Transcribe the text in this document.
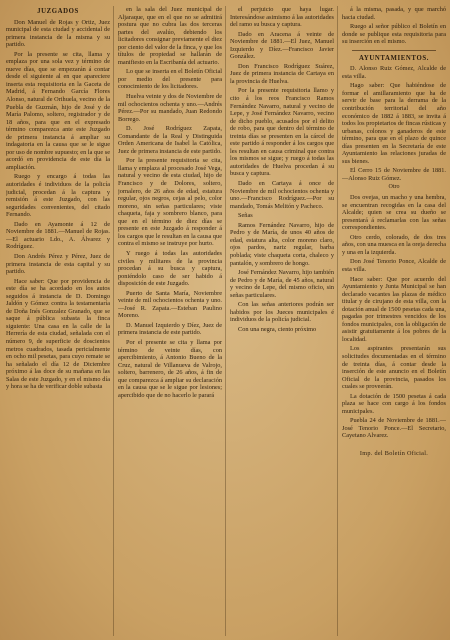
JUZGADOS
Don Manuel de Rojas y Ortiz, Juez municipal de esta ciudad y accidental de primera instancia de la misma y su partido.
Por la presente se cita, llama y emplaza por una sola vez y término de nueve días, que se empezarán á contar desde el siguiente al en que apareciere inserta esta requisitoria en la Gaceta de Madrid, á Fernando García Flores Alonso, natural de Orihuela, vecino de la Puebla de Guzmán, hijo de José y de María Palomo, soltero, registrador y de 18 años, para que en el expresado término comparezca ante este Juzgado de primera instancia á ampliar su indagatoria en la causa que se le sigue por uso de nombre supuesto; en la que se acordó en providencia de este día la ampliación.
Ruego y encargo á todas las autoridades é individuos de la policía judicial, procedan á la captura y remisión á este Juzgado, con las seguridades convenientes, del citado Fernando.
Dado en Ayamonte á 12 de Noviembre de 1881.—Manuel de Rojas.—El actuario Ldo., A. Álvarez y Rodríguez.
Don Andrés Pérez y Pérez, Juez de primera instancia de esta capital y su partido.
Hace saber: Que por providencia de este día se ha acordado en los autos seguidos á instancia de D. Domingo Jaldón y Gómez contra la testamentaría de Doña Inés Gonzalez Granado, que se saque á pública subasta la finca siguiente: Una casa en la calle de la Herrería de esta ciudad, señalada con el número 9, de superficie de doscientos metros cuadrados, tasada pericialmente en ocho mil pesetas, para cuyo remate se ha señalado el día 12 de Diciembre próximo á las doce de su mañana en las Salas de este Juzgado, y en el mismo día y hora se ha de verificar doble subasta
en la sala del Juez municipal de Aljaraque, que en el que no se admitirá postura que no cubra las dos terceras partes del avalúo, debiendo los licitadores consignar previamente el diez por ciento del valor de la finca, y que los títulos de propiedad se hallarán de manifiesto en la Escribanía del actuario.
Lo que se inserta en el Boletín Oficial por medio del presente para conocimiento de los licitadores.
Huelva veinte y dos de Noviembre de mil ochocientos ochenta y uno.—Andrés Pérez.—Por su mandado, Juan Redondo Borrego.
D. José Rodríguez Zapata, Comandante de la Real y Distinguida Orden Americana de Isabel la Católica, Juez de primera instancia de este partido.
Por la presente requisitoria se cita, llama y emplaza al procesado José Vega, natural y vecino de esta ciudad, hijo de Francisco y de Dolores, soltero, jornalero, de 26 años de edad, estatura regular, ojos negros, cejas al pelo, color moreno, sin señas particulares; viste chaqueta, faja y sombrero blanco, para que en el término de diez días se presente en este Juzgado á responder á los cargos que le resultan en la causa que contra el mismo se instruye por hurto.
Y ruego á todas las autoridades civiles y militares de la provincia procedan á su busca y captura, poniéndolo caso de ser habido á disposición de este Juzgado.
Puerto de Santa María, Noviembre veinte de mil ochocientos ochenta y uno.—José R. Zapata.—Esteban Paulino Moreno.
D. Manuel Izquierdo y Díez, Juez de primera instancia de este partido.
Por el presente se cita y llama por término de veinte días, con apercibimiento, á Antonio Bueno de la Cruz, natural de Villanueva de Valrojo, soltero, barrenero, de 26 años, á fin de que comparezca á ampliar su declaración en la causa que se le sigue por lesiones; apercibido que de no hacerlo le parará
el perjuicio que haya lugar. Interesándose asimismo á las autoridades del ramo su busca y captura.
Dado en Aracena á veinte de Noviembre de 1881.—El Juez, Manuel Izquierdo y Díez.—Francisco Javier González.
Don Francisco Rodríguez Suárez, Juez de primera instancia de Cartaya en la provincia de Huelva.
Por la presente requisitoria llamo y cito á los reos Francisco Ramos Fernández Navarro, natural y vecino de Lepe, y José Fernández Navarro, vecino de dicho pueblo, acusados por el delito de robo, para que dentro del término de treinta días se presenten en la cárcel de este partido á responder á los cargos que les resultan en causa criminal que contra los mismos se sigue; y ruego á todas las autoridades de Huelva procedan á su busca y captura.
Dado en Cartaya á once de Noviembre de mil ochocientos ochenta y uno.—Francisco Rodríguez.—Por su mandado, Tomás Melitón y Pacheco.
Señas
Ramos Fernández Navarro, hijo de Pedro y de María, de unos 40 años de edad, estatura alta, color moreno claro, ojos pardos, nariz regular, barba poblada; viste chaqueta corta, chaleco y pantalón, y sombrero de hongo.
José Fernández Navarro, hijo también de Pedro y de María, de 45 años, natural y vecino de Lepe, del mismo oficio, sin señas particulares.
Con las señas anteriores podrán ser habidos por los Jueces municipales é individuos de la policía judicial.
Con una negra, ciento próximo
á la misma, pasada, y que marchó hacia ciudad.
Ruego al señor público el Boletín en donde se publique esta requisitoria para su inserción en el mismo.
AYUNTAMIENTOS.
D. Alonso Ruiz Gómez, Alcalde de esta villa.
Hago saber: Que habiéndose de formar el amillaramiento que ha de servir de base para la derrama de la contribución territorial del año económico de 1882 á 1883, se invita á todos los propietarios de fincas rústicas y urbanas, colonos y ganaderos de este término, para que en el plazo de quince días presenten en la Secretaría de este Ayuntamiento las relaciones juradas de sus bienes.
El Cerro 15 de Noviembre de 1881.—Alonso Ruiz Gómez.
Otro
Dos ovejas, un macho y una hembra, se encuentran recogidas en la casa del Alcalde; quien se crea su dueño se presentará á reclamarlas con las señas correspondientes.
Otro cerdo, colorado, de dos tres años, con una muesca en la oreja derecha y una en la izquierda.
Don José Tenorio Ponce, Alcalde de esta villa.
Hace saber: Que por acuerdo del Ayuntamiento y Junta Municipal se han declarado vacantes las plazas de médico titular y de cirujano de esta villa, con la dotación anual de 1500 pesetas cada una, pagadas por trimestres vencidos de los fondos municipales, con la obligación de asistir gratuitamente á los pobres de la localidad.
Los aspirantes presentarán sus solicitudes documentadas en el término de treinta días, á contar desde la inserción de este anuncio en el Boletín Oficial de la provincia, pasados los cuales se proveerán.
La dotación de 1500 pesetas á cada plaza se hace con cargo á los fondos municipales.
Puebla 24 de Noviembre de 1881.—José Tenorio Ponce.—El Secretario, Cayetano Alvarez.
Imp. del Boletín Oficial.
